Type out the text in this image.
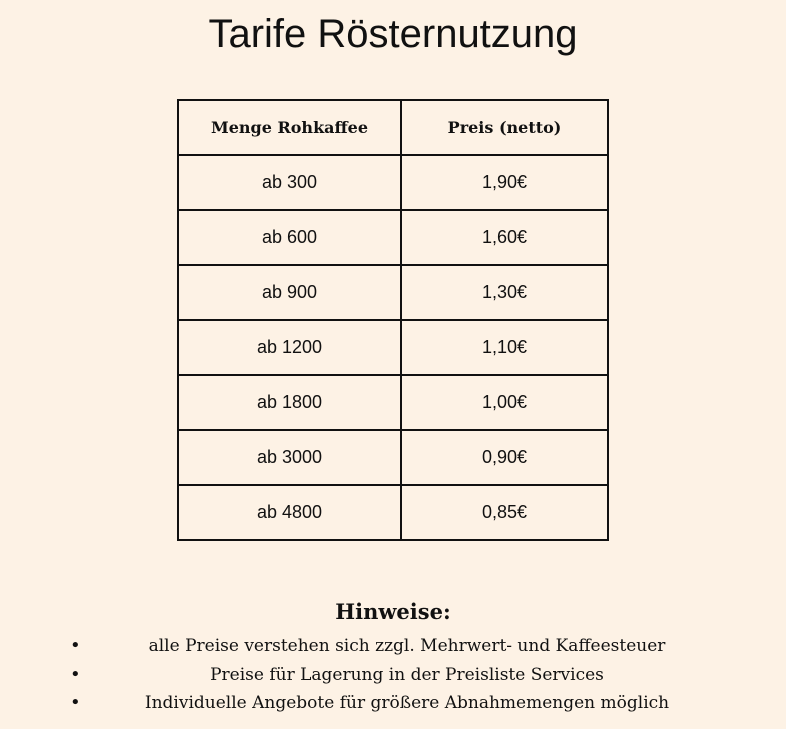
Tarife Rösternutzung
Menge Rohkaffee	Preis (netto)
ab 300	1,90€
ab 600	1,60€
ab 900	1,30€
ab 1200	1,10€
ab 1800	1,00€
ab 3000	0,90€
ab 4800	0,85€
Hinweise:
•	alle Preise verstehen sich zzgl. Mehrwert- und Kaffeesteuer
•	Preise für Lagerung in der Preisliste Services
•	Individuelle Angebote für größere Abnahmemengen möglich
